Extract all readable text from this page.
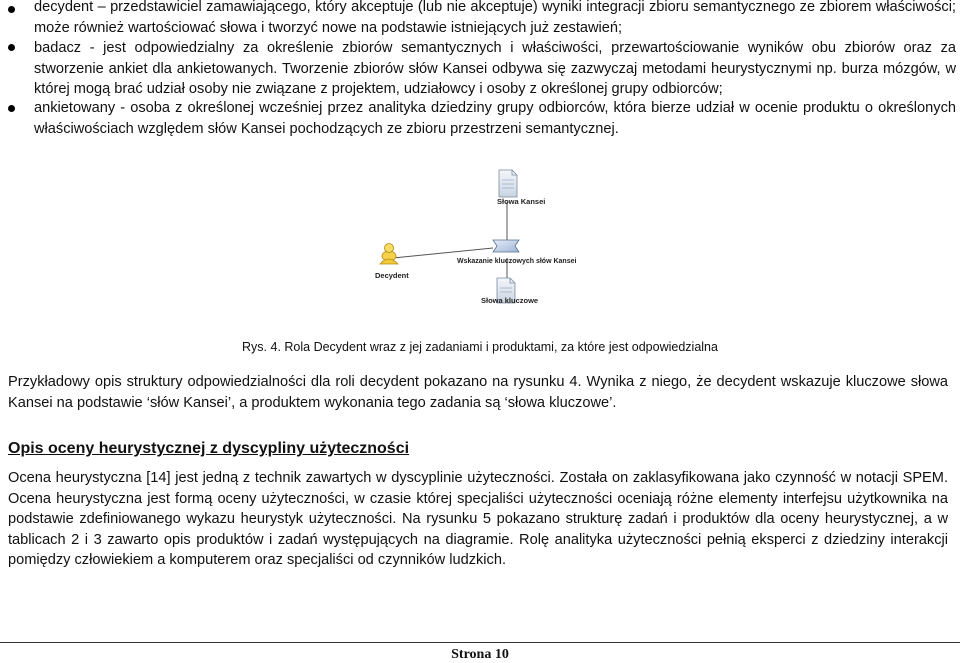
decydent – przedstawiciel zamawiającego, który akceptuje (lub nie akceptuje) wyniki integracji zbioru semantycznego ze zbiorem właściwości; może również wartościować słowa i tworzyć nowe na podstawie istniejących już zestawień;
badacz - jest odpowiedzialny za określenie zbiorów semantycznych i właściwości, przewartościowanie wyników obu zbiorów oraz za stworzenie ankiet dla ankietowanych. Tworzenie zbiorów słów Kansei odbywa się zazwyczaj metodami heurystycznymi np. burza mózgów, w której mogą brać udział osoby nie związane z projektem, udziałowcy i osoby z określonej grupy odbiorców;
ankietowany - osoba z określonej wcześniej przez analityka dziedziny grupy odbiorców, która bierze udział w ocenie produktu o określonych właściwościach względem słów Kansei pochodzących ze zbioru przestrzeni semantycznej.
Słowa Kansei
Wskazanie kluczowych słów Kansei
Decydent
Słowa kluczowe
Rys. 4. Rola Decydent wraz z jej zadaniami i produktami, za które jest odpowiedzialna
Przykładowy opis struktury odpowiedzialności dla roli decydent pokazano na rysunku 4. Wynika z niego, że decydent wskazuje kluczowe słowa Kansei na podstawie ‘słów Kansei’, a produktem wykonania tego zadania są ‘słowa kluczowe’.
Opis oceny heurystycznej z dyscypliny użyteczności
Ocena heurystyczna [14] jest jedną z technik zawartych w dyscyplinie użyteczności. Została on zaklasyfikowana jako czynność w notacji SPEM. Ocena heurystyczna jest formą oceny użyteczności, w czasie której specjaliści użyteczności oceniają różne elementy interfejsu użytkownika na podstawie zdefiniowanego wykazu heurystyk użyteczności. Na rysunku 5 pokazano strukturę zadań i produktów dla oceny heurystycznej, a w tablicach 2 i 3 zawarto opis produktów i zadań występujących na diagramie. Rolę analityka użyteczności pełnią eksperci z dziedziny interakcji pomiędzy człowiekiem a komputerem oraz specjaliści od czynników ludzkich.
Strona 10
